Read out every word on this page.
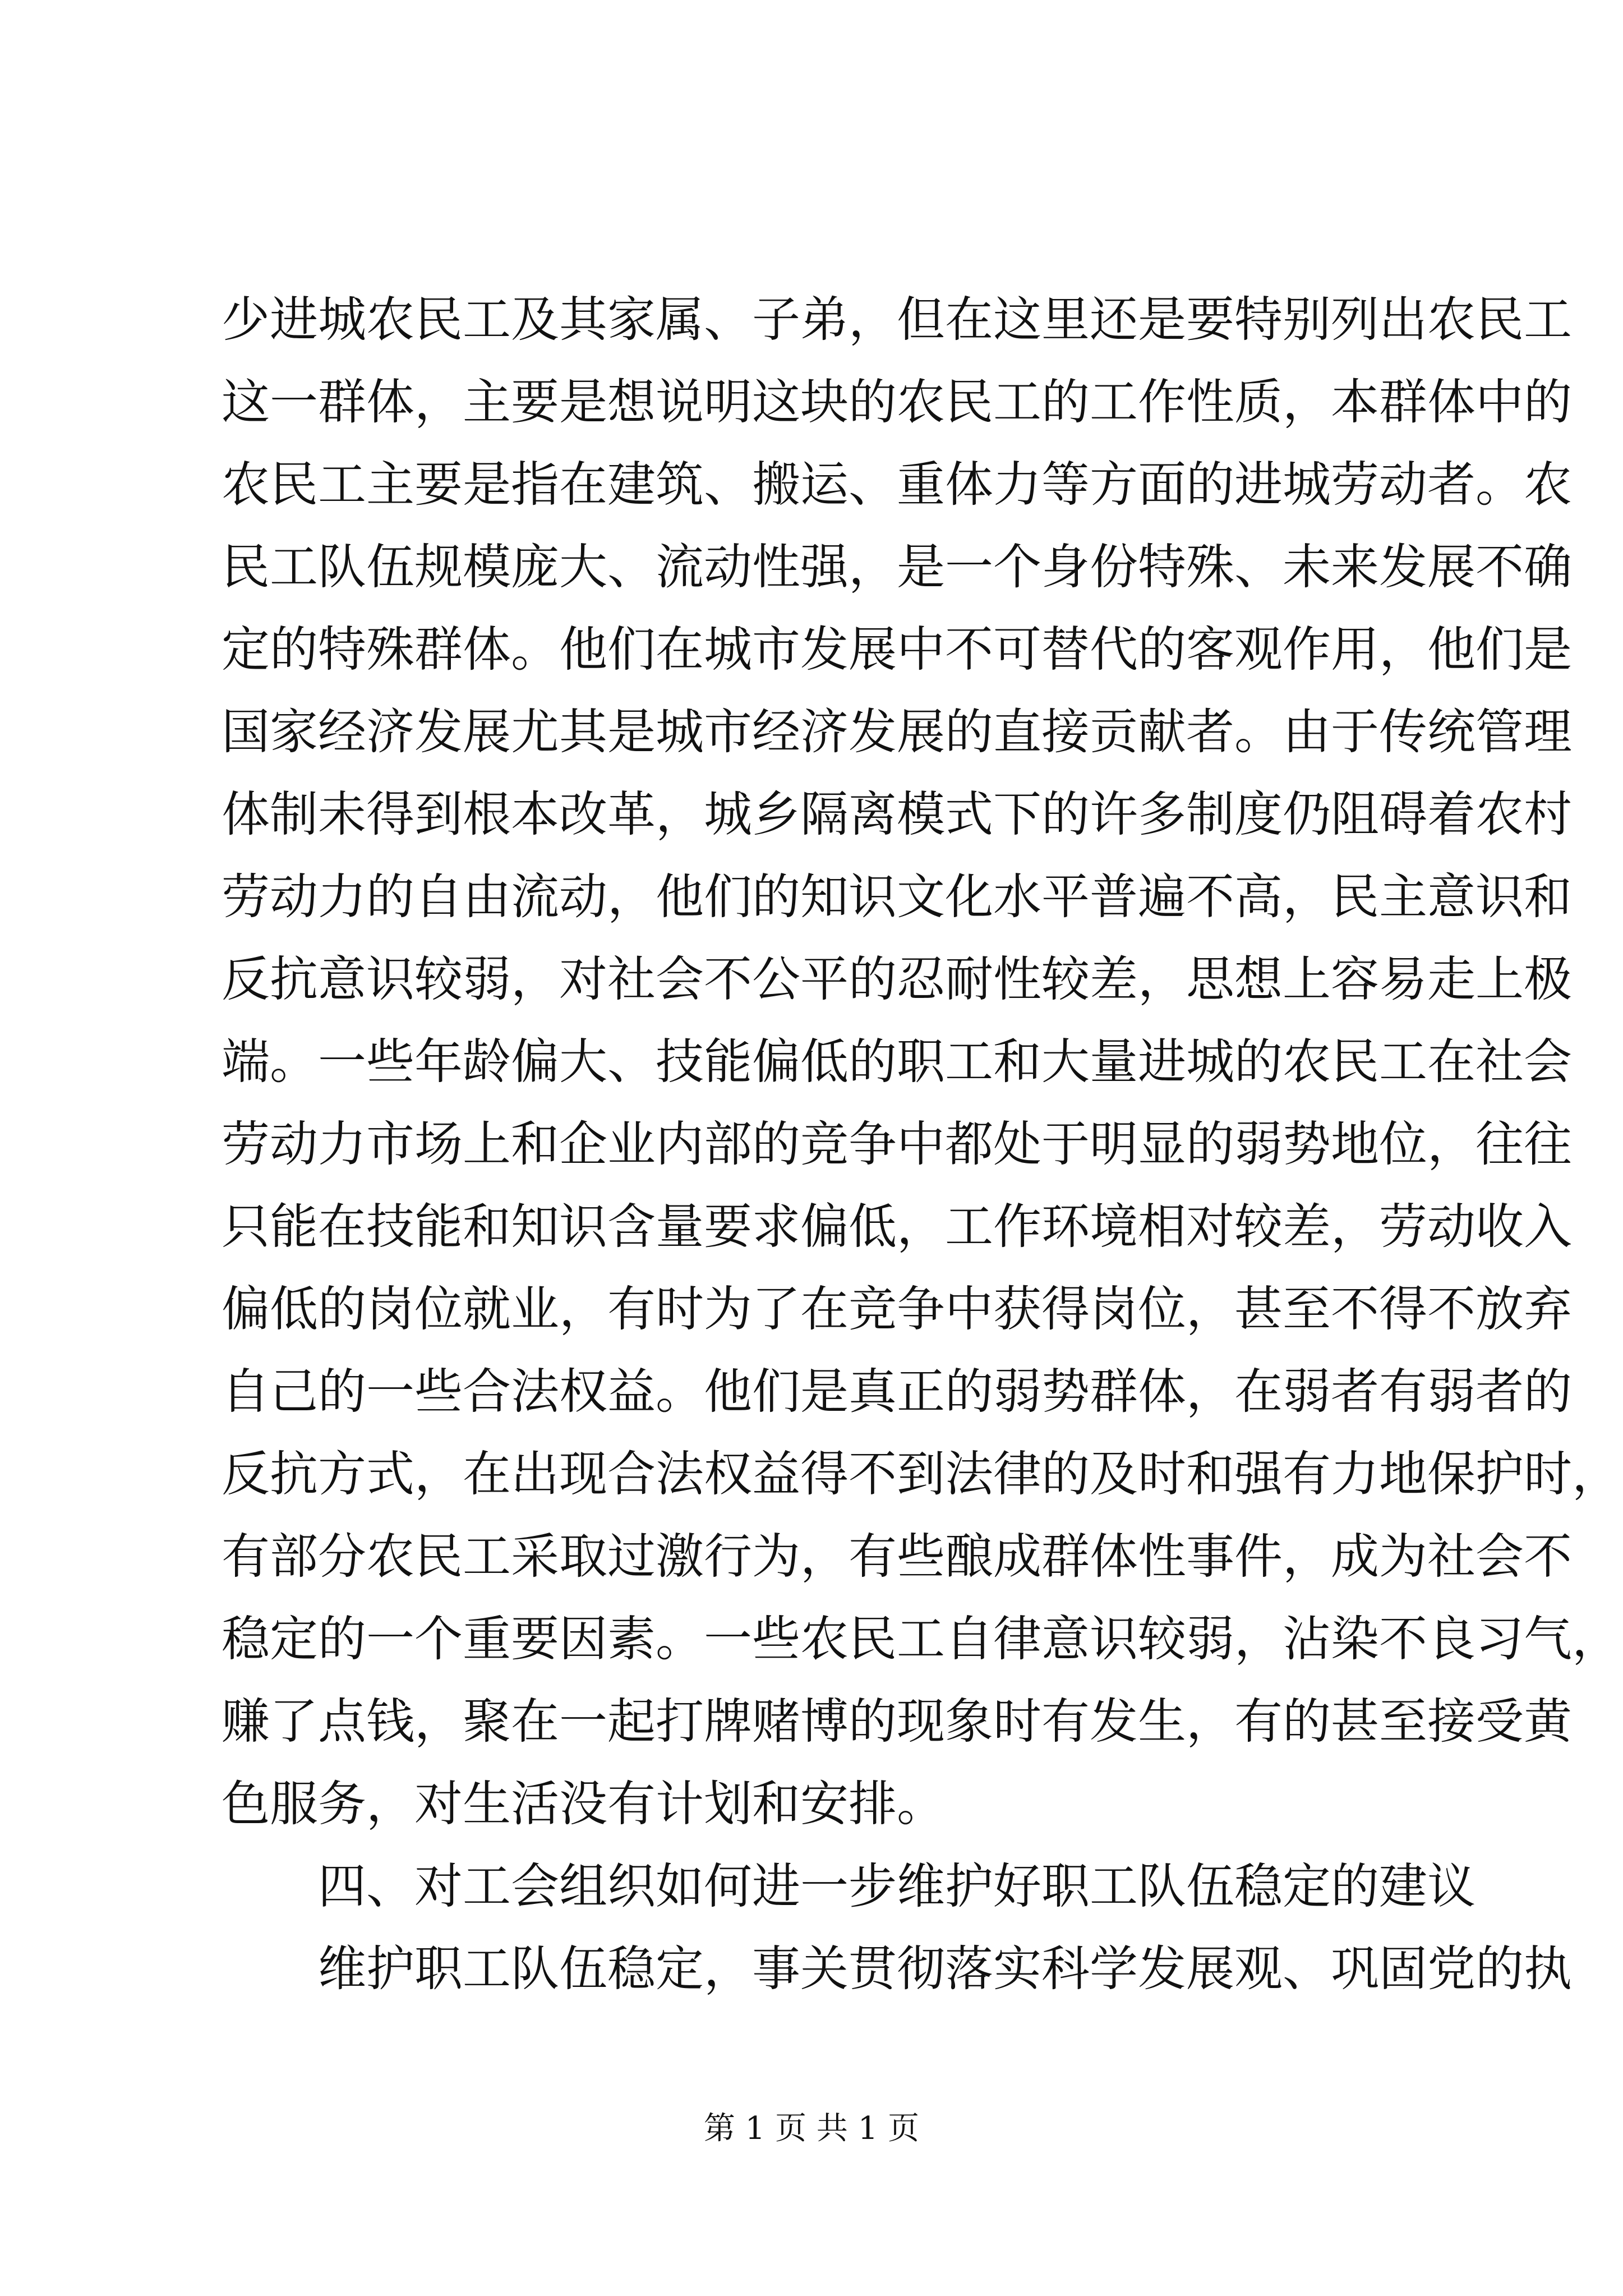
少进城农民工及其家属、子弟，但在这里还是要特别列出农民工
这一群体，主要是想说明这块的农民工的工作性质，本群体中的
农民工主要是指在建筑、搬运、重体力等方面的进城劳动者。农
民工队伍规模庞大、流动性强，是一个身份特殊、未来发展不确
定的特殊群体。他们在城市发展中不可替代的客观作用，他们是
国家经济发展尤其是城市经济发展的直接贡献者。由于传统管理
体制未得到根本改革，城乡隔离模式下的许多制度仍阻碍着农村
劳动力的自由流动，他们的知识文化水平普遍不高，民主意识和
反抗意识较弱，对社会不公平的忍耐性较差，思想上容易走上极
端。一些年龄偏大、技能偏低的职工和大量进城的农民工在社会
劳动力市场上和企业内部的竞争中都处于明显的弱势地位，往往
只能在技能和知识含量要求偏低，工作环境相对较差，劳动收入
偏低的岗位就业，有时为了在竞争中获得岗位，甚至不得不放弃
自己的一些合法权益。他们是真正的弱势群体，在弱者有弱者的
反抗方式，在出现合法权益得不到法律的及时和强有力地保护时，
有部分农民工采取过激行为，有些酿成群体性事件，成为社会不
稳定的一个重要因素。一些农民工自律意识较弱，沾染不良习气，
赚了点钱，聚在一起打牌赌博的现象时有发生，有的甚至接受黄
色服务，对生活没有计划和安排。
四、对工会组织如何进一步维护好职工队伍稳定的建议
维护职工队伍稳定，事关贯彻落实科学发展观、巩固党的执
第 1 页 共 1 页
